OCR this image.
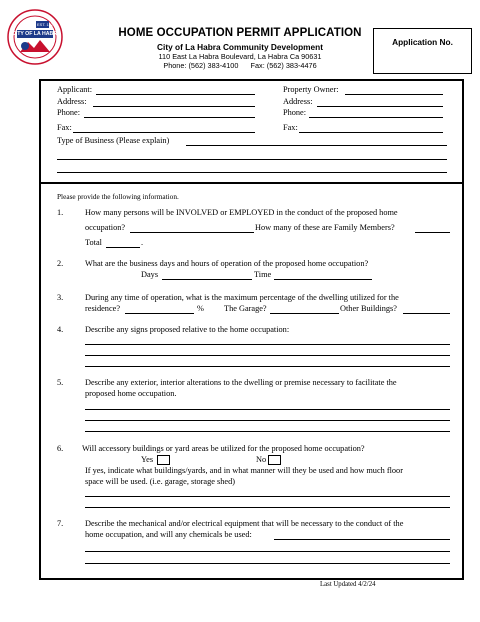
CITY OF LA HABRA
EST. 1925
HOME OCCUPATION PERMIT APPLICATION
City of La Habra Community Development
110 East La Habra Boulevard, La Habra Ca 90631
Phone: (562) 383-4100      Fax: (562) 383-4476
Application No.
Applicant:
Address:
Phone:
Fax:
Property Owner:
Address:
Phone:
Fax:
Type of Business (Please explain)
Please provide the following information.
1.	How many persons will be INVOLVED or EMPLOYED in the conduct of the proposed home
occupation?	How many of these are Family Members?
Total	.
2.	What are the business days and hours of operation of the proposed home occupation?
Days	Time
3.	During any time of operation, what is the maximum percentage of the dwelling utilized for the
residence?	% The Garage?	Other Buildings?
4.	Describe any signs proposed relative to the home occupation:
5.	Describe any exterior, interior alterations to the dwelling or premise necessary to facilitate the
proposed home occupation.
6. Will accessory buildings or yard areas be utilized for the proposed home occupation?
Yes	No
If yes, indicate what buildings/yards, and in what manner will they be used and how much floor
space will be used. (i.e. garage, storage shed)
7.	Describe the mechanical and/or electrical equipment that will be necessary to the conduct of the
home occupation, and will any chemicals be used:
Last Updated 4/2/24
